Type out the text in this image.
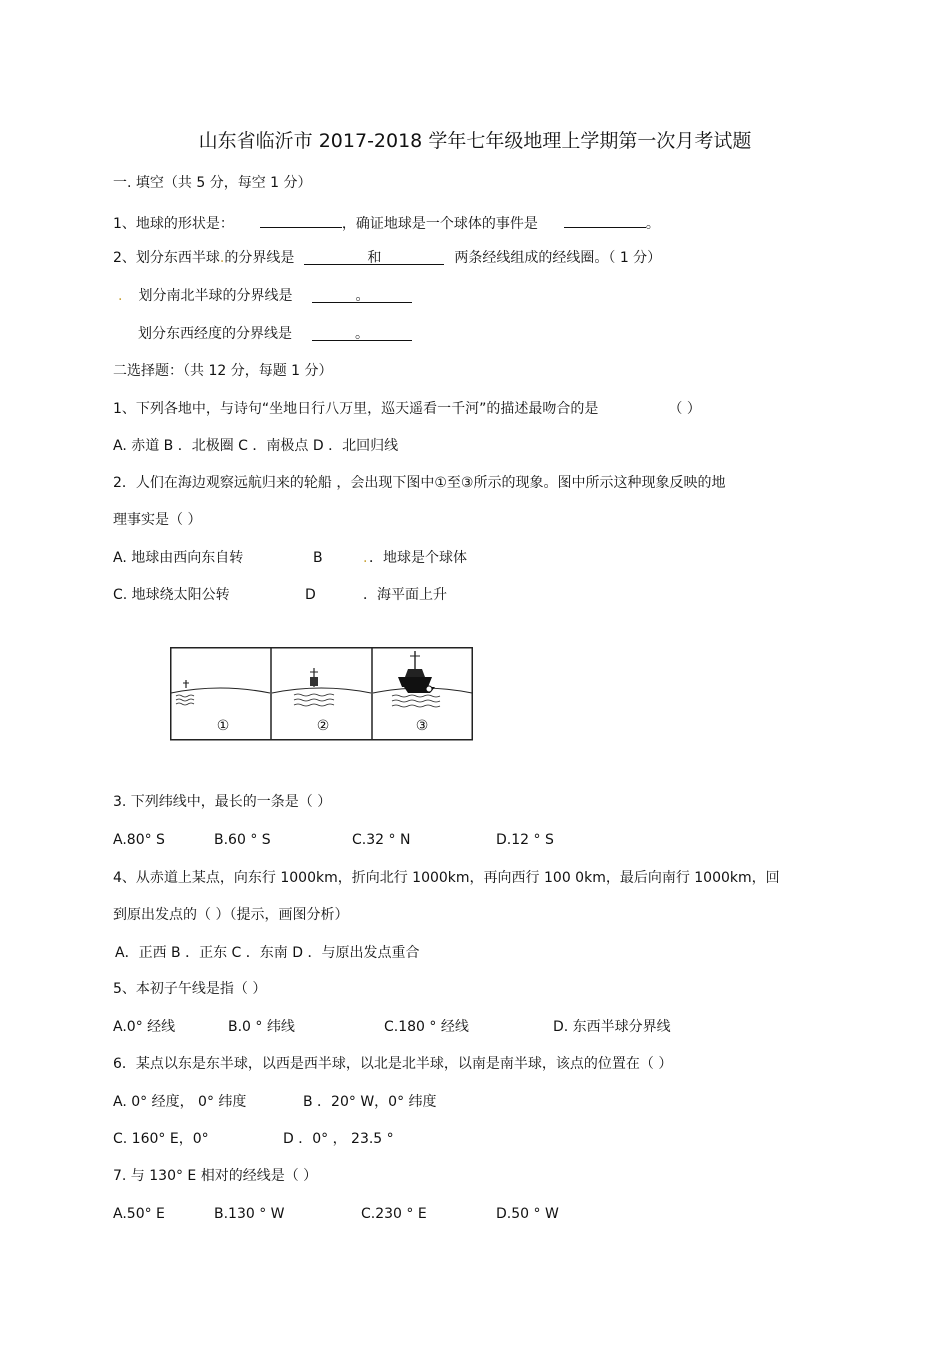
山东省临沂市 2017-2018 学年七年级地理上学期第一次月考试题
一. 填空（共 5 分，每空 1 分）
1、地球的形状是：	，确证地球是一个球体的事件是	。
2、划分东西半球.的分界线是	和	两条经线组成的经线圈。（ 1 分）
. 划分南北半球的分界线是	。
划分东西经度的分界线是	。
二选择题：（共 12 分，每题 1 分）
1、下列各地中，与诗句“坐地日行八万里，巡天遥看一千河”的描述最吻合的是	（ ）
A. 赤道 B ．北极圈 C ．南极点 D ．北回归线
2．人们在海边观察远航归来的轮船 ，会出现下图中①至③所示的现象。图中所示这种现象反映的地
理事实是（ ）
A. 地球由西向东自转	B	. ．地球是个球体
C. 地球绕太阳公转	D	．海平面上升
①	②	③
3. 下列纬线中，最长的一条是（ ）
A.80° S	B.60 ° S	C.32 ° N	D.12 ° S
4、从赤道上某点，向东行 1000km，折向北行 1000km，再向西行 100 0km，最后向南行 1000km，回
到原出发点的（ ）（提示，画图分析）
A．正西 B ．正东 C ．东南 D ．与原出发点重合
5、本初子午线是指（ ）
A.0° 经线	B.0 ° 纬线	C.180 ° 经线	D. 东西半球分界线
6．某点以东是东半球，以西是西半球，以北是北半球，以南是南半球，该点的位置在（ ）
A. 0° 经度， 0° 纬度	B ．20° W，0° 纬度
C. 160° E，0°	D ．0° ， 23.5 °
7. 与 130° E 相对的经线是（ ）
A.50° E	B.130 ° W	C.230 ° E	D.50 ° W
